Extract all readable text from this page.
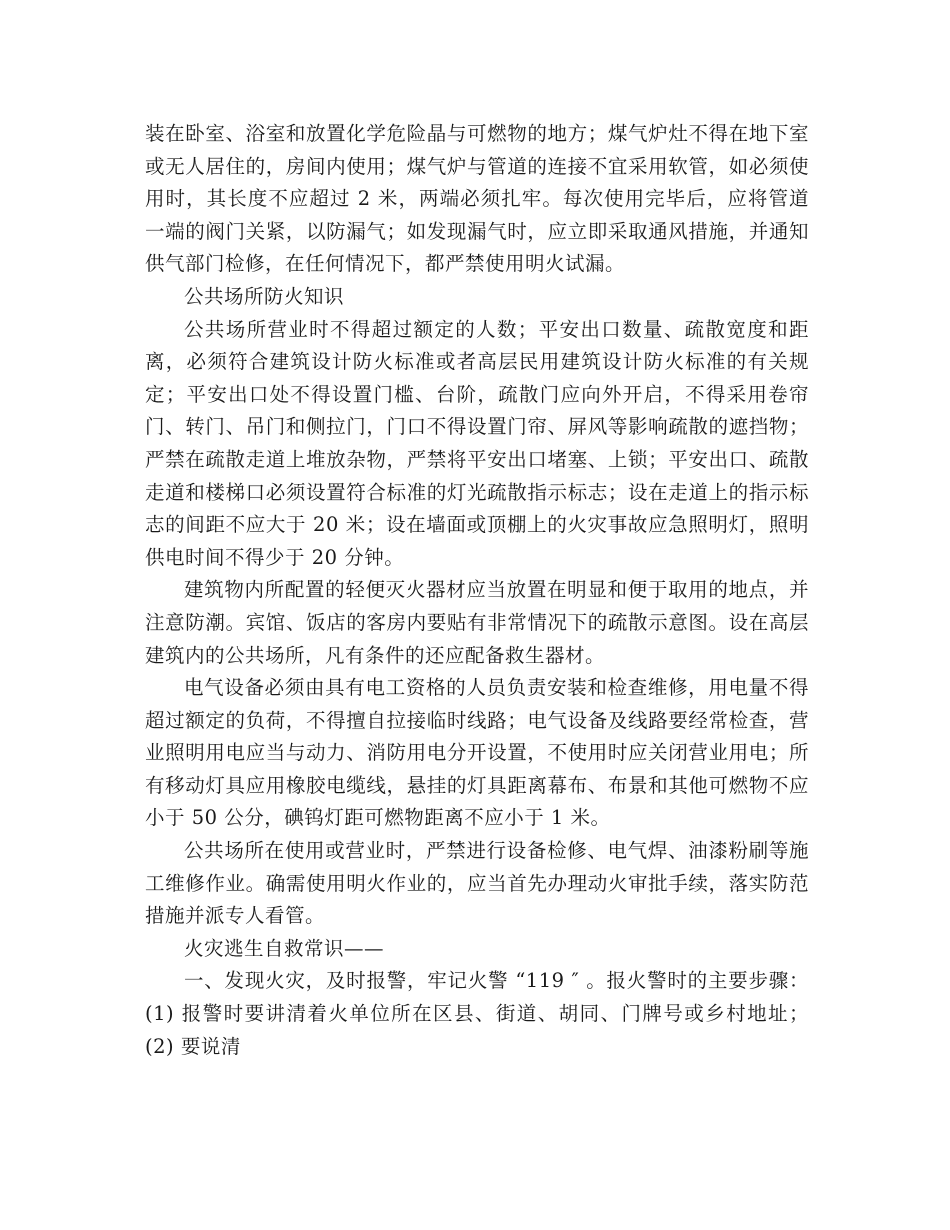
装在卧室、浴室和放置化学危险晶与可燃物的地方；煤气炉灶不得在地下室或无人居住的，房间内使用；煤气炉与管道的连接不宜采用软管，如必须使用时，其长度不应超过 2 米，两端必须扎牢。每次使用完毕后，应将管道一端的阀门关紧，以防漏气；如发现漏气时，应立即采取通风措施，并通知供气部门检修，在任何情况下，都严禁使用明火试漏。

公共场所防火知识

公共场所营业时不得超过额定的人数；平安出口数量、疏散宽度和距离，必须符合建筑设计防火标准或者高层民用建筑设计防火标准的有关规定；平安出口处不得设置门槛、台阶，疏散门应向外开启，不得采用卷帘门、转门、吊门和侧拉门，门口不得设置门帘、屏风等影响疏散的遮挡物；严禁在疏散走道上堆放杂物，严禁将平安出口堵塞、上锁；平安出口、疏散走道和楼梯口必须设置符合标准的灯光疏散指示标志；设在走道上的指示标志的间距不应大于 20 米；设在墙面或顶棚上的火灾事故应急照明灯，照明供电时间不得少于 20 分钟。

建筑物内所配置的轻便灭火器材应当放置在明显和便于取用的地点，并注意防潮。宾馆、饭店的客房内要贴有非常情况下的疏散示意图。设在高层建筑内的公共场所，凡有条件的还应配备救生器材。

电气设备必须由具有电工资格的人员负责安装和检查维修，用电量不得超过额定的负荷，不得擅自拉接临时线路；电气设备及线路要经常检查，营业照明用电应当与动力、消防用电分开设置，不使用时应关闭营业用电；所有移动灯具应用橡胶电缆线，悬挂的灯具距离幕布、布景和其他可燃物不应小于 50 公分，碘钨灯距可燃物距离不应小于 1 米。

公共场所在使用或营业时，严禁进行设备检修、电气焊、油漆粉刷等施工维修作业。确需使用明火作业的，应当首先办理动火审批手续，落实防范措施并派专人看管。

火灾逃生自救常识——

一、发现火灾，及时报警，牢记火警 “119 ″ 。报火警时的主要步骤：(1) 报警时要讲清着火单位所在区县、街道、胡同、门牌号或乡村地址；(2) 要说清
